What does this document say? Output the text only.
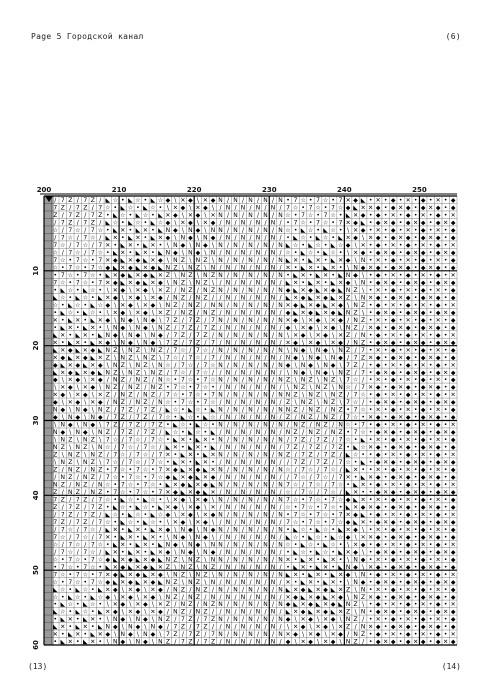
Page 5 Городской канал	(6)
/ 7 Z / 7 Z / ◣ ☆ • ◣ ☆ • ◣ ☆ ◆ \ ✕ ◆ \ ✕ ◆ N / N / N / N / N • 7 ☆ • 7 ☆ • 7 ✕ ◆ ◣ • ✕ • ◆ • ✕ • ◆ • ✕ • ◆
7 Z / 7 Z / 7 ☆ • ◣ ☆ • ◣ ☆ • \ ✕ ◆ \ ✕ ◆ \ / N / N / N / N / 7 ☆ • 7 ☆ • 7 ☆ ◆ ◣ ✕ ✕ ◆ • ◆ ✕ ◆ • ◆ ✕ ◆ • ◆
Z / 7 Z / 7 Z • ◣ ☆ • ◣ ☆ • ◣ ✕ ◆ \ ✕ ◆ \ ✕ N / N / N / N / N ☆ • 7 ☆ • 7 ☆ • ◣ ✕ ◆ • ◆ • ✕ • ◆ • ✕ • ◆ • ✕
/ 7 Z / 7 Z / ◣ ☆ • ◣ ☆ • ◣ ☆ ◆ \ ✕ ◆ \ ✕ ◆ / N / N / N / N / • 7 ☆ • 7 ☆ • 7 ✕ ◆ ◣ • ◆ ✕ ◆ • ◆ ✕ ◆ • ◆ ✕ ◆
☆ / 7 ☆ / 7 ☆ • ◣ ✕ • ◣ ✕ • ◣ N ◆ \ N ◆ \ N N / N / N / N / N ☆ • ◣ ☆ • ◣ ☆ • \ ✕ ◆ • ✕ • ◆ • ✕ • ◆ • ✕ • ◆
/ 7 ☆ / 7 ☆ / ◣ ✕ • ◣ ✕ • ◣ ✕ ◆ \ N ◆ \ N ◆ / N / N / N / N / • ◣ ☆ • ◣ ☆ • ◣ ✕ ◆ \ ✕ ◆ • ◆ ✕ ◆ • ◆ ✕ ◆ • ◆
7 ☆ / 7 ☆ / 7 ✕ • ◣ ✕ • ◣ ✕ • \ N ◆ \ N ◆ \ N / N / N / N / N ◣ ☆ • ◣ ☆ • ◣ ☆ ◆ \ ✕ • ◆ • ✕ • ◆ • ✕ • ◆ • ✕
☆ / 7 ☆ / 7 ☆ • ◣ ✕ • ◣ ✕ • ◣ N ◆ \ N ◆ \ N / N / N / N / N / ☆ • ◣ ☆ • ◣ ☆ • \ ✕ ◆ • ◆ ✕ ◆ • ◆ ✕ ◆ • ◆ ✕ ◆
7 ☆ • 7 ☆ • 7 ✕ ◆ ◣ ✕ ◆ ◣ ✕ ◆ \ N Z \ N Z \ N / N / N / N / N ◣ ✕ • ◣ ✕ • ◣ ✕ ◆ \ N • ✕ • ◆ • ✕ • ◆ • ✕ • ◆
☆ • 7 ☆ • 7 ☆ ◆ ◣ ✕ ◆ ◣ ✕ ◆ ◣ N Z \ N Z \ N / N / N / N / N / ✕ • ◣ ✕ • ◣ ✕ • \ N ◆ ✕ ◆ • ◆ ✕ ◆ • ◆ ✕ ◆ • ◆
• 7 ☆ • 7 ☆ • ◣ ✕ ◆ ◣ ✕ ◆ ◣ ✕ Z \ N Z \ N Z N / N / N / N / N • ◣ ✕ • ◣ ✕ • ◣ N ◆ \ • ◆ • ✕ • ◆ • ✕ • ◆ • ✕
7 ☆ • 7 ☆ • 7 ✕ ◆ ◣ ✕ ◆ ◣ ✕ ◆ \ N Z \ N Z \ / N / N / N / N / ◣ ✕ • ◣ ✕ • ◣ ✕ ◆ \ N • ◆ ✕ ◆ • ◆ ✕ ◆ • ◆ ✕ ◆
• ◣ ☆ • ◣ ☆ • \ ✕ ◆ \ ✕ ◆ \ ✕ Z / N Z / N Z N / N / N / N / N ◆ ◣ ✕ ◆ ◣ ✕ ◆ ◣ N Z \ • ✕ • ◆ • ✕ • ◆ • ✕ • ◆
◣ ☆ • ◣ ☆ • ◣ ✕ ◆ \ ✕ ◆ \ ✕ ◆ / N Z / N Z / / N / N / N / N / ◣ ✕ ◆ ◣ ✕ ◆ ◣ ✕ Z \ N ✕ ◆ • ◆ ✕ ◆ • ◆ ✕ ◆ • ◆
☆ • ◣ ☆ • ◣ ☆ ◆ \ ✕ ◆ \ ✕ ◆ \ N Z / N Z / N N / N / N / N / N ✕ ◆ ◣ ✕ ◆ ◣ ✕ ◆ \ N Z • ◆ • ✕ • ◆ • ✕ • ◆ • ✕
• ◣ ☆ • ◣ ☆ • \ ✕ ◆ \ ✕ ◆ \ ✕ Z / N Z / N Z / N / N / N / N / ◆ ◣ ✕ ◆ ◣ ✕ ◆ ◣ N Z \ • ◆ ✕ ◆ • ◆ ✕ ◆ • ◆ ✕ ◆
✕ • ◣ ✕ • ◣ ✕ ◆ \ N ◆ \ N ◆ \ 7 Z / 7 Z / 7 N / N / N / N / N ✕ ◆ \ ✕ ◆ \ ✕ ◆ / N Z • ✕ • ◆ • ✕ • ◆ • ✕ • ◆
• ◣ ✕ • ◣ ✕ • \ N ◆ \ N ◆ \ N Z / 7 Z / 7 Z / N / N / N / N / ◆ \ ✕ ◆ \ ✕ ◆ \ N Z / ✕ ◆ • ◆ ✕ ◆ • ◆ ✕ ◆ • ◆
◣ ✕ • ◣ ✕ • ◣ N ◆ \ N ◆ \ N ◆ / 7 Z / 7 Z / N / N / N / N / N \ ✕ ◆ \ ✕ ◆ \ ✕ Z / N • ◆ • ✕ • ◆ • ✕ • ◆ • ✕
✕ • ◣ ✕ • ◣ ✕ ◆ \ N ◆ \ N ◆ \ 7 Z / 7 Z / 7 / N / N / N / N / ✕ ◆ \ ✕ ◆ \ ✕ ◆ / N Z • ◆ ✕ ◆ • ◆ ✕ ◆ • ◆ ✕ ◆
◣ ✕ ◆ ◣ ✕ ◆ ◣ N Z \ N Z \ N Z / 7 ☆ / 7 ☆ / N / N / N / N / N \ N ◆ \ N ◆ \ N Z / 7 • ✕ • ◆ • ✕ • ◆ • ✕ • ◆
✕ ◆ ◣ ✕ ◆ ◣ ✕ Z \ N Z \ N Z \ 7 ☆ / 7 ☆ / 7 / N / N / N / N / N ◆ \ N ◆ \ N ◆ / 7 Z ✕ ◆ • ◆ ✕ ◆ • ◆ ✕ ◆ • ◆
◆ ◣ ✕ ◆ ◣ ✕ ◆ \ N Z \ N Z \ N ☆ / 7 ☆ / 7 ☆ N / N / N / N / N ◆ \ N ◆ \ N ◆ \ 7 Z / • ◆ • ✕ • ◆ • ✕ • ◆ • ✕
◣ ✕ ◆ ◣ ✕ ◆ ◣ N Z \ N Z \ N Z / 7 ☆ / 7 ☆ / / N / N / N / N / \ N ◆ \ N ◆ \ N Z / 7 • ◆ ✕ ◆ • ◆ ✕ ◆ • ◆ ✕ ◆
◆ \ ✕ ◆ \ ✕ ◆ / N Z / N Z / N ☆ • 7 ☆ • 7 ☆ N / N / N / N / N Z \ N Z \ N Z \ 7 ☆ / • ✕ • ◆ • ✕ • ◆ • ✕ • ◆
\ ✕ ◆ \ ✕ ◆ \ N Z / N Z / N Z • 7 ☆ • 7 ☆ • / N / N / N / N / \ N Z \ N Z \ N ☆ / 7 ✕ ◆ • ◆ ✕ ◆ • ◆ ✕ ◆ • ◆
✕ ◆ \ ✕ ◆ \ ✕ Z / N Z / N Z / 7 ☆ • 7 ☆ • 7 N / N / N / N / N N Z \ N Z \ N Z / 7 ☆ • ◆ • ✕ • ◆ • ✕ • ◆ • ✕
◆ \ ✕ ◆ \ ✕ ◆ / N Z / N Z / N ☆ • 7 ☆ • 7 ☆ / N / N / N / N / Z \ N Z \ N Z \ 7 ☆ / • ◆ ✕ ◆ • ◆ ✕ ◆ • ◆ ✕ ◆
N ◆ \ N ◆ \ N Z / 7 Z / 7 Z / ◣ ☆ • ◣ ☆ • ◣ N / N / N / N / N N Z / N Z / N Z • 7 ☆ • ✕ • ◆ • ✕ • ◆ • ✕ • ◆
◆ \ N ◆ \ N ◆ / 7 Z / 7 Z / 7 ☆ • ◣ ☆ • ◣ ☆ / N / N / N / N / Z / N Z / N Z / 7 ☆ • ✕ ◆ • ◆ ✕ ◆ • ◆ ✕ ◆ • ◆
\ N ◆ \ N ◆ \ 7 Z / 7 Z / 7 Z • ◣ ☆ • ◣ ☆ • N / N / N / N / N / N Z / N Z / N ☆ • 7 • ◆ • ✕ • ◆ • ✕ • ◆ • ✕
N ◆ \ N ◆ \ N Z / 7 Z / 7 Z / ◣ ☆ • ◣ ☆ • ◣ / N / N / N / N / N Z / N Z / N Z • 7 ☆ • ◆ ✕ ◆ • ◆ ✕ ◆ • ◆ ✕ ◆
\ N Z \ N Z \ 7 ☆ / 7 ☆ / 7 ☆ • ◣ ✕ • ◣ ✕ • N / N / N / N / N / 7 Z / 7 Z / 7 ☆ • ◣ • ✕ • ◆ • ✕ • ◆ • ✕ • ◆
N Z \ N Z \ N ☆ / 7 ☆ / 7 ☆ / ◣ ✕ • ◣ ✕ • ◣ / N / N / N / N / 7 Z / 7 Z / 7 Z • ◣ ☆ ✕ ◆ • ◆ ✕ ◆ • ◆ ✕ ◆ • ◆
Z \ N Z \ N Z / 7 ☆ / 7 ☆ / 7 ✕ • ◣ ✕ • ◣ ✕ N / N / N / N / N Z / 7 Z / 7 Z / ◣ ☆ • • ◆ • ✕ • ◆ • ✕ • ◆ • ✕
\ N Z \ N Z \ 7 ☆ / 7 ☆ / 7 ☆ • ◣ ✕ • ◣ ✕ • / N / N / N / N / / 7 Z / 7 Z / 7 ☆ • ◣ • ◆ ✕ ◆ • ◆ ✕ ◆ • ◆ ✕ ◆
Z / N Z / N Z • 7 ☆ • 7 ☆ • 7 ✕ ◆ ◣ ✕ ◆ ◣ ✕ N / N / N / N / N ☆ / 7 ☆ / 7 ☆ / ◣ ✕ • • ✕ • ◆ • ✕ • ◆ • ✕ • ◆
/ N Z / N Z / 7 ☆ • 7 ☆ • 7 ☆ ◆ ◣ ✕ ◆ ◣ ✕ ◆ / N / N / N / N / / 7 ☆ / 7 ☆ / 7 ✕ • ◣ ✕ ◆ • ◆ ✕ ◆ • ◆ ✕ ◆ • ◆
N Z / N Z / N ☆ • 7 ☆ • 7 ☆ • ◣ ✕ ◆ ◣ ✕ ◆ ◣ N / N / N / N / N 7 ☆ / 7 ☆ / 7 ☆ • ◣ ✕ • ◆ • ✕ • ◆ • ✕ • ◆ • ✕
Z / N Z / N Z • 7 ☆ • 7 ☆ • 7 ✕ ◆ ◣ ✕ ◆ ◣ ✕ / N / N / N / N / ☆ / 7 ☆ / 7 ☆ / ◣ ✕ • • ◆ ✕ ◆ • ◆ ✕ ◆ • ◆ ✕ ◆
7 Z / 7 Z / 7 ☆ • ◣ ☆ • ◣ ☆ • \ ✕ ◆ \ ✕ ◆ \ N / N / N / N / N 7 ☆ • 7 ☆ • 7 ☆ ◆ ◣ ✕ • ✕ • ◆ • ✕ • ◆ • ✕ • ◆
Z / 7 Z / 7 Z • ◣ ☆ • ◣ ☆ • ◣ ✕ ◆ \ ✕ ◆ \ ✕ / N / N / N / N / ☆ • 7 ☆ • 7 ☆ • ◣ ✕ ◆ ✕ ◆ • ◆ ✕ ◆ • ◆ ✕ ◆ • ◆
/ 7 Z / 7 Z / ◣ ☆ • ◣ ☆ • ◣ ☆ ◆ \ ✕ ◆ \ ✕ ◆ N / N / N / N / N • 7 ☆ • 7 ☆ • 7 ✕ ◆ ◣ • ◆ • ✕ • ◆ • ✕ • ◆ • ✕
7 Z / 7 Z / 7 ☆ • ◣ ☆ • ◣ ☆ • \ ✕ ◆ \ ✕ ◆ \ / N / N / N / N / 7 ☆ • 7 ☆ • 7 ☆ ◆ ◣ ✕ • ◆ ✕ ◆ • ◆ ✕ ◆ • ◆ ✕ ◆
/ 7 ☆ / 7 ☆ / ◣ ✕ • ◣ ✕ • ◣ ✕ ◆ \ N ◆ \ N ◆ N / N / N / N / N • ◣ ☆ • ◣ ☆ • ◣ ✕ ◆ \ • ✕ • ◆ • ✕ • ◆ • ✕ • ◆
7 ☆ / 7 ☆ / 7 ✕ • ◣ ✕ • ◣ ✕ • \ N ◆ \ N ◆ \ / N / N / N / N / ◣ ☆ • ◣ ☆ • ◣ ☆ ◆ \ ✕ ✕ ◆ • ◆ ✕ ◆ • ◆ ✕ ◆ • ◆
☆ / 7 ☆ / 7 ☆ • ◣ ✕ • ◣ ✕ • ◣ N ◆ \ N ◆ \ N N / N / N / N / N ☆ • ◣ ☆ • ◣ ☆ • \ ✕ ◆ • ◆ • ✕ • ◆ • ✕ • ◆ • ✕
/ 7 ☆ / 7 ☆ / ◣ ✕ • ◣ ✕ • ◣ ✕ ◆ \ N ◆ \ N ◆ / N / N / N / N / • ◣ ☆ • ◣ ☆ • ◣ ✕ ◆ \ • ◆ ✕ ◆ • ◆ ✕ ◆ • ◆ ✕ ◆
☆ • 7 ☆ • 7 ☆ ◆ ◣ ✕ ◆ ◣ ✕ ◆ ◣ N Z \ N Z \ N N / N / N / N / N ✕ • ◣ ✕ • ◣ ✕ • \ N ◆ • ✕ • ◆ • ✕ • ◆ • ✕ • ◆
• 7 ☆ • 7 ☆ • ◣ ✕ ◆ ◣ ✕ ◆ ◣ ✕ Z \ N Z \ N Z / N / N / N / N / • ◣ ✕ • ◣ ✕ • ◣ N ◆ \ ✕ ◆ • ◆ ✕ ◆ • ◆ ✕ ◆ • ◆
7 ☆ • 7 ☆ • 7 ✕ ◆ ◣ ✕ ◆ ◣ ✕ ◆ \ N Z \ N Z \ N / N / N / N / N ◣ ✕ • ◣ ✕ • ◣ ✕ ◆ \ N • ◆ • ✕ • ◆ • ✕ • ◆ • ✕
☆ • 7 ☆ • 7 ☆ ◆ ◣ ✕ ◆ ◣ ✕ ◆ ◣ N Z \ N Z \ N / N / N / N / N / ✕ • ◣ ✕ • ◣ ✕ • \ N ◆ • ◆ ✕ ◆ • ◆ ✕ ◆ • ◆ ✕ ◆
◣ ☆ • ◣ ☆ • ◣ ✕ ◆ \ ✕ ◆ \ ✕ ◆ / N Z / N Z / N / N / N / N / N ◣ ✕ ◆ ◣ ✕ ◆ ◣ ✕ Z \ N • ✕ • ◆ • ✕ • ◆ • ✕ • ◆
☆ • ◣ ☆ • ◣ ☆ ◆ \ ✕ ◆ \ ✕ ◆ \ N Z / N Z / N / N / N / N / N / ✕ ◆ ◣ ✕ ◆ ◣ ✕ ◆ \ N Z ✕ ◆ • ◆ ✕ ◆ • ◆ ✕ ◆ • ◆
• ◣ ☆ • ◣ ☆ • \ ✕ ◆ \ ✕ ◆ \ ✕ Z / N Z / N Z N / N / N / N / N ◆ ◣ ✕ ◆ ◣ ✕ ◆ ◣ N Z \ • ◆ • ✕ • ◆ • ✕ • ◆ • ✕
◣ ☆ • ◣ ☆ • ◣ ✕ ◆ \ ✕ ◆ \ ✕ ◆ / N Z / N Z / / N / N / N / N / ◣ ✕ ◆ ◣ ✕ ◆ ◣ ✕ Z \ N • ◆ ✕ ◆ • ◆ ✕ ◆ • ◆ ✕ ◆
• ◣ ✕ • ◣ ✕ • \ N ◆ \ N ◆ \ N Z / 7 Z / 7 Z N / N / N / N / N ◆ \ ✕ ◆ \ ✕ ◆ \ N Z / • ✕ • ◆ • ✕ • ◆ • ✕ • ◆
◣ ✕ • ◣ ✕ • ◣ N ◆ \ N ◆ \ N ◆ / 7 Z / 7 Z / / N / N / N / N / \ ✕ ◆ \ ✕ ◆ \ ✕ Z / N ✕ ◆ • ◆ ✕ ◆ • ◆ ✕ ◆ • ◆
✕ • ◣ ✕ • ◣ ✕ ◆ \ N ◆ \ N ◆ \ 7 Z / 7 Z / 7 N / N / N / N / N ✕ ◆ \ ✕ ◆ \ ✕ ◆ / N Z • ◆ • ✕ • ◆ • ✕ • ◆ • ✕
• ◣ ✕ • ◣ ✕ • \ N ◆ \ N ◆ \ N Z / 7 Z / 7 Z / N / N / N / N / ◆ \ ✕ ◆ \ ✕ ◆ \ N Z / • ◆ ✕ ◆ • ◆ ✕ ◆ • ◆ ✕ ◆
200	210	220	230	240	250
10
20
30
40
50
60
(13)	(14)
